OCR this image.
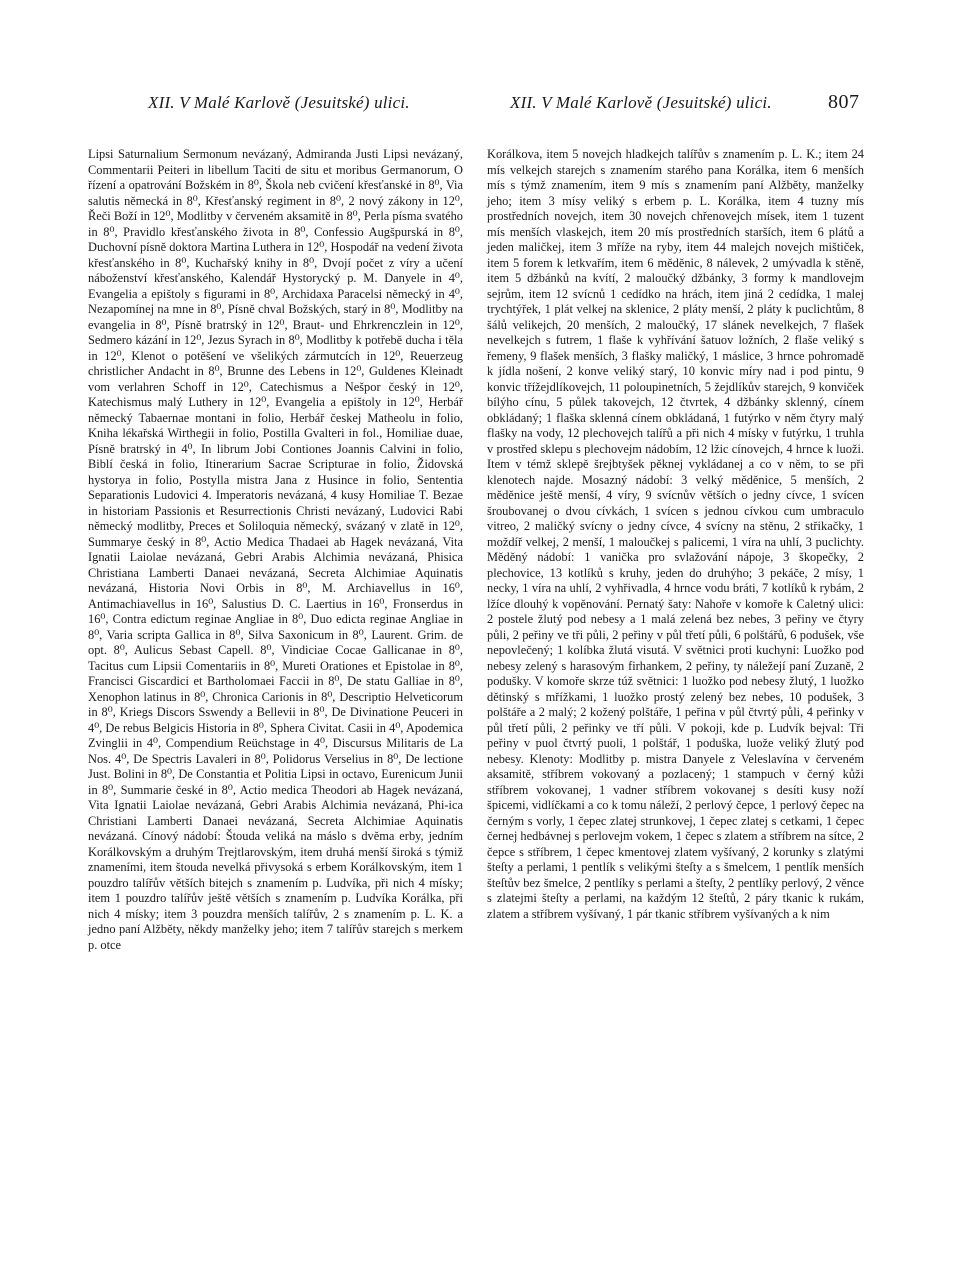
XII. V Malé Karlově (Jesuitské) ulici.	XII. V Malé Karlově (Jesuitské) ulici.	807

Lipsi Saturnalium Sermonum nevázaný, Admiranda Justi Lipsi nevázaný, Commentarii Peiteri in libellum Taciti de situ et moribus Germanorum, O řízení a opatrování Božském in 8⁰, Škola neb cvičení křesťanské in 8⁰, Via salutis německá in 8⁰, Křesťanský regiment in 8⁰, 2 nový zákony in 12⁰, Řeči Boží in 12⁰, Modlitby v červeném aksamitě in 8⁰, Perla písma svatého in 8⁰, Pravidlo křesťanského života in 8⁰, Confessio Augšpurská in 8⁰, Duchovní písně doktora Martina Luthera in 12⁰, Hospodář na vedení života křesťanského in 8⁰, Kuchařský knihy in 8⁰, Dvojí počet z víry a učení náboženství křesťanského, Kalendář Hystorycký p. M. Danyele in 4⁰, Evangelia a epištoly s figurami in 8⁰, Archidaxa Paracelsi německý in 4⁰, Nezapomínej na mne in 8⁰, Písně chval Božských, starý in 8⁰, Modlitby na evangelia in 8⁰, Písně bratrský in 12⁰, Braut- und Ehrkrenczlein in 12⁰, Sedmero kázání in 12⁰, Jezus Syrach in 8⁰, Modlitby k potřebě ducha i těla in 12⁰, Klenot o potěšení ve všelikých zármutcích in 12⁰, Reuerzeug christlicher Andacht in 8⁰, Brunne des Lebens in 12⁰, Guldenes Kleinadt vom verlahren Schoff in 12⁰, Catechismus a Nešpor český in 12⁰, Katechismus malý Luthery in 12⁰, Evangelia a epištoly in 12⁰, Herbář německý Tabaernae montani in folio, Herbář českej Matheolu in folio, Kniha lékařská Wirthegii in folio, Postilla Gvalteri in fol., Homiliae duae, Písně bratrský in 4⁰, In librum Jobi Contiones Joannis Calvini in folio, Biblí česká in folio, Itinerarium Sacrae Scripturae in folio, Židovská hystorya in folio, Postylla mistra Jana z Husince in folio, Sententia Separationis Ludovici 4. Imperatoris nevázaná, 4 kusy Homiliae T. Bezae in historiam Passionis et Resurrectionis Christi nevázaný, Ludovici Rabi německý modlitby, Preces et Soliloquia německý, svázaný v zlatě in 12⁰, Summarye český in 8⁰, Actio Medica Thadaei ab Hagek nevázaná, Vita Ignatii Laiolae nevázaná, Gebri Arabis Alchimia nevázaná, Phisica Christiana Lamberti Danaei nevázaná, Secreta Alchimiae Aquinatis nevázaná, Historia Novi Orbis in 8⁰, M. Archiavellus in 16⁰, Antimachiavellus in 16⁰, Salustius D. C. Laertius in 16⁰, Fronserdus in 16⁰, Contra edictum reginae Angliae in 8⁰, Duo edicta reginae Angliae in 8⁰, Varia scripta Gallica in 8⁰, Silva Saxonicum in 8⁰, Laurent. Grim. de opt. 8⁰, Aulicus Sebast Capell. 8⁰, Vindiciae Cocae Gallicanae in 8⁰, Tacitus cum Lipsii Comentariis in 8⁰, Mureti Orationes et Epistolae in 8⁰, Francisci Giscardici et Bartholomaei Faccii in 8⁰, De statu Galliae in 8⁰, Xenophon latinus in 8⁰, Chronica Carionis in 8⁰, Descriptio Helveticorum in 8⁰, Kriegs Discors Sswendy a Bellevii in 8⁰, De Divinatione Peuceri in 4⁰, De rebus Belgicis Historia in 8⁰, Sphera Civitat. Casii in 4⁰, Apodemica Zvinglii in 4⁰, Compendium Reüchstage in 4⁰, Discursus Militaris de La Nos. 4⁰, De Spectris Lavaleri in 8⁰, Polidorus Verselius in 8⁰, De lectione Just. Bolini in 8⁰, De Constantia et Politia Lipsi in octavo, Eurenicum Junii in 8⁰, Summarie české in 8⁰, Actio medica Theodori ab Hagek nevázaná, Vita Ignatii Laiolae nevázaná, Gebri Arabis Alchimia nevázaná, Phi-ica Christiani Lamberti Danaei nevázaná, Secreta Alchimiae Aquinatis nevázaná. Cínový nádobí: Štouda veliká na máslo s dvěma erby, jedním Korálkovským a druhým Trejtlarovským, item druhá menší široká s týmiž znameními, item štouda nevelká přivysoká s erbem Korálkovským, item 1 pouzdro talířův větších bitejch s znamením p. Ludvíka, při nich 4 mísky; item 1 pouzdro talířův ještě větších s znamením p. Ludvíka Korálka, při nich 4 mísky; item 3 pouzdra menších talířův, 2 s znamením p. L. K. a jedno paní Alžběty, někdy manželky jeho; item 7 talířův starejch s merkem p. otce

Korálkova, item 5 novejch hladkejch talířův s znamením p. L. K.; item 24 mís velkejch starejch s znamením starého pana Korálka, item 6 menších mís s týmž znamením, item 9 mís s znamením paní Alžběty, manželky jeho; item 3 mísy veliký s erbem p. L. Korálka, item 4 tuzny mís prostředních novejch, item 30 novejch chřenovejch mísek, item 1 tuzent mís menších vlaskejch, item 20 mís prostředních starších, item 6 plátů a jeden maličkej, item 3 mříže na ryby, item 44 malejch novejch mištiček, item 5 forem k letkvařím, item 6 měděnic, 8 nálevek, 2 umývadla k stěně, item 5 džbánků na kvítí, 2 maloučký džbánky, 3 formy k mandlovejm sejrům, item 12 svícnů 1 cedídko na hrách, item jiná 2 cedídka, 1 malej trychtýřek, 1 plát velkej na sklenice, 2 pláty menší, 2 pláty k puclichtům, 8 šálů velikejch, 20 menších, 2 maloučký, 17 slánek nevelkejch, 7 flašek nevelkejch s futrem, 1 flaše k vyhřívání šatuov ložních, 2 flaše veliký s řemeny, 9 flašek menších, 3 flašky maličký, 1 máslice, 3 hrnce pohromadě k jídla nošení, 2 konve veliký starý, 10 konvic míry nad i pod pintu, 9 konvic třížejdlíkovejch, 11 poloupinetních, 5 žejdlíkův starejch, 9 konviček bílýho cínu, 5 půlek takovejch, 12 čtvrtek, 4 džbánky sklenný, cínem obkládaný; 1 flaška sklenná cínem obkládaná, 1 futýrko v něm čtyry malý flašky na vody, 12 plechovejch talířů a při nich 4 mísky v futýrku, 1 truhla v prostřed sklepu s plechovejm nádobím, 12 lžic cínovejch, 4 hrnce k luoži. Item v témž sklepě šrejbtyšek pěknej vykládanej a co v něm, to se při klenotech najde. Mosazný nádobí: 3 velký měděnice, 5 menších, 2 měděnice ještě menší, 4 víry, 9 svícnův větších o jedny cívce, 1 svícen šroubovanej o dvou cívkách, 1 svícen s jednou cívkou cum umbraculo vitreo, 2 maličký svícny o jedny cívce, 4 svícny na stěnu, 2 střikačky, 1 moždíř velkej, 2 menší, 1 maloučkej s palicemi, 1 víra na uhlí, 3 puclichty. Měděný nádobí: 1 vanička pro svlažování nápoje, 3 škopečky, 2 plechovice, 13 kotlíků s kruhy, jeden do druhýho; 3 pekáče, 2 mísy, 1 necky, 1 víra na uhlí, 2 vyhřivadla, 4 hrnce vodu bráti, 7 kotlíků k rybám, 2 lžíce dlouhý k vopěnování. Pernatý šaty: Nahoře v komoře k Caletný ulici: 2 postele žlutý pod nebesy a 1 malá zelená bez nebes, 3 peřiny ve čtyry půli, 2 peřiny ve tři půli, 2 peřiny v půl třetí půli, 6 polštářů, 6 podušek, vše nepovlečený; 1 kolíbka žlutá visutá. V světnici proti kuchyni: Luožko pod nebesy zelený s harasovým firhankem, 2 peřiny, ty náležejí paní Zuzaně, 2 podušky. V komoře skrze túž světnici: 1 luožko pod nebesy žlutý, 1 luožko dětinský s mřížkami, 1 luožko prostý zelený bez nebes, 10 podušek, 3 polštáře a 2 malý; 2 kožený polštáře, 1 peřina v půl čtvrtý půli, 4 peřinky v půl třetí půli, 2 peřinky ve tří půli. V pokoji, kde p. Ludvík bejval: Tři peřiny v puol čtvrtý puoli, 1 polštář, 1 poduška, luože veliký žlutý pod nebesy. Klenoty: Modlitby p. mistra Danyele z Veleslavína v červeném aksamitě, stříbrem vokovaný a pozlacený; 1 stampuch v černý kůži stříbrem vokovanej, 1 vadner stříbrem vokovanej s desíti kusy noží špicemi, vidlíčkami a co k tomu náleží, 2 perlový čepce, 1 perlový čepec na černým s vorly, 1 čepec zlatej strunkovej, 1 čepec zlatej s cetkami, 1 čepec černej hedbávnej s perlovejm vokem, 1 čepec s zlatem a stříbrem na sítce, 2 čepce s stříbrem, 1 čepec kmentovej zlatem vyšívaný, 2 korunky s zlatými šteſty a perlami, 1 pentlík s velikými šteſty a s šmelcem, 1 pentlík menších šteſtův bez šmelce, 2 pentlíky s perlami a šteſty, 2 pentlíky perlový, 2 věnce s zlatejmi šteſty a perlami, na každým 12 šteſtů, 2 páry tkanic k rukám, zlatem a stříbrem vyšívaný, 1 pár tkanic stříbrem vyšívaných a k nim
